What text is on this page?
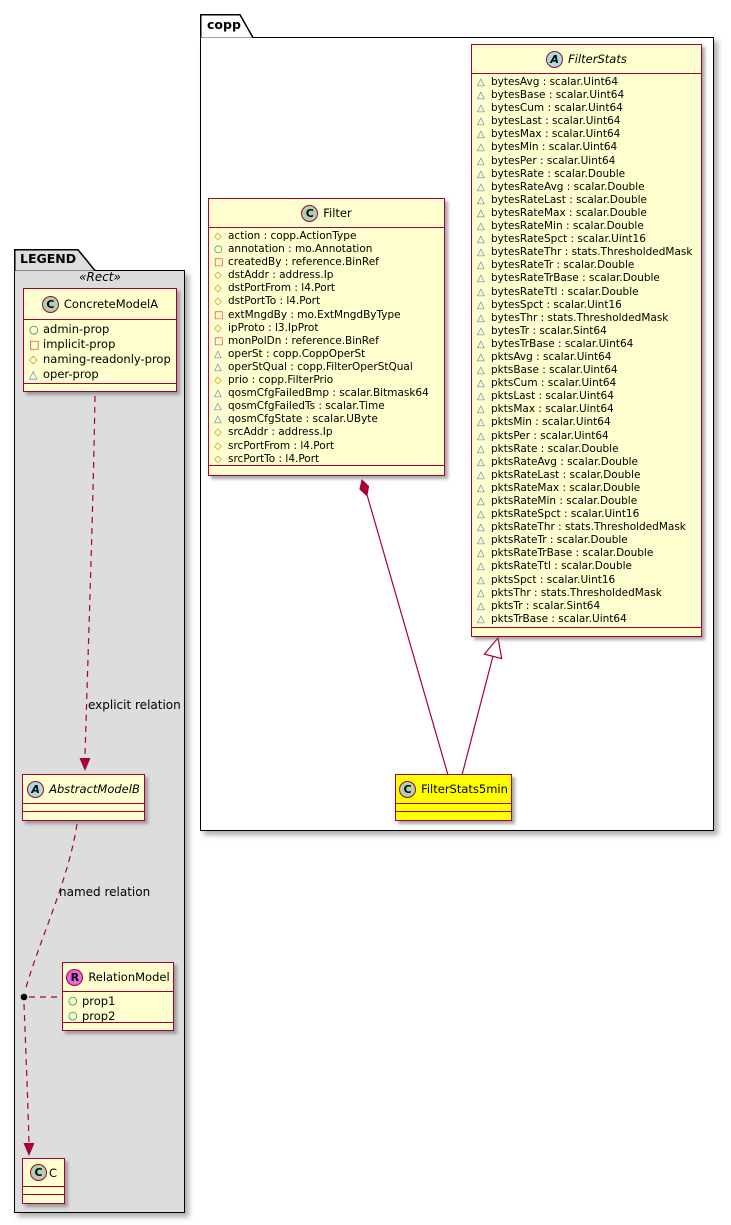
copp
LEGEND
A FilterStats
△ bytesAvg : scalar.Uint64
△ bytesBase : scalar.Uint64
△ bytesCum : scalar.Uint64
△ bytesLast : scalar.Uint64
△ bytesMax : scalar.Uint64
△ bytesMin : scalar.Uint64
△ bytesPer : scalar.Uint64
△ bytesRate : scalar.Double
△ bytesRateAvg : scalar.Double
△ bytesRateLast : scalar.Double
△ bytesRateMax : scalar.Double
△ bytesRateMin : scalar.Double
△ bytesRateSpct : scalar.Uint16
△ bytesRateThr : stats.ThresholdedMask
△ bytesRateTr : scalar.Double
△ bytesRateTrBase : scalar.Double
△ bytesRateTtl : scalar.Double
△ bytesSpct : scalar.Uint16
△ bytesThr : stats.ThresholdedMask
△ bytesTr : scalar.Sint64
△ bytesTrBase : scalar.Uint64
△ pktsAvg : scalar.Uint64
△ pktsBase : scalar.Uint64
△ pktsCum : scalar.Uint64
△ pktsLast : scalar.Uint64
△ pktsMax : scalar.Uint64
△ pktsMin : scalar.Uint64
△ pktsPer : scalar.Uint64
△ pktsRate : scalar.Double
△ pktsRateAvg : scalar.Double
△ pktsRateLast : scalar.Double
△ pktsRateMax : scalar.Double
△ pktsRateMin : scalar.Double
△ pktsRateSpct : scalar.Uint16
△ pktsRateThr : stats.ThresholdedMask
△ pktsRateTr : scalar.Double
△ pktsRateTrBase : scalar.Double
△ pktsRateTtl : scalar.Double
△ pktsSpct : scalar.Uint16
△ pktsThr : stats.ThresholdedMask
△ pktsTr : scalar.Sint64
△ pktsTrBase : scalar.Uint64
C Filter
◇ action : copp.ActionType
○ annotation : mo.Annotation
□ createdBy : reference.BinRef
◇ dstAddr : address.Ip
◇ dstPortFrom : l4.Port
◇ dstPortTo : l4.Port
□ extMngdBy : mo.ExtMngdByType
◇ ipProto : l3.IpProt
□ monPolDn : reference.BinRef
△ operSt : copp.CoppOperSt
△ operStQual : copp.FilterOperStQual
◇ prio : copp.FilterPrio
△ qosmCfgFailedBmp : scalar.Bitmask64
△ qosmCfgFailedTs : scalar.Time
△ qosmCfgState : scalar.UByte
◇ srcAddr : address.Ip
◇ srcPortFrom : l4.Port
◇ srcPortTo : l4.Port
C FilterStats5min
«Rect»
C ConcreteModelA
○ admin-prop
□ implicit-prop
◇ naming-readonly-prop
△ oper-prop
explicit relation
A AbstractModelB
named relation
R RelationModel
○ prop1
○ prop2
C C
